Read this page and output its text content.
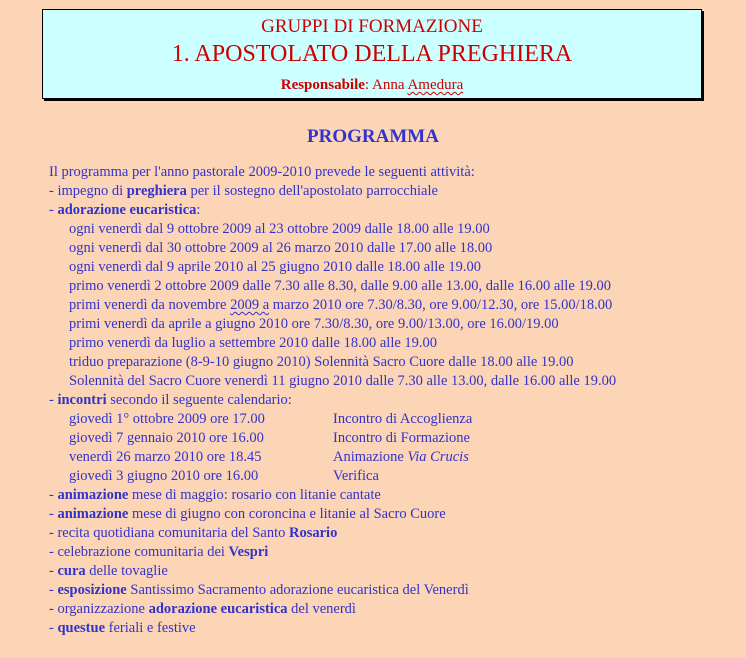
GRUPPI DI FORMAZIONE
1. APOSTOLATO DELLA PREGHIERA
Responsabile: Anna Amedura
PROGRAMMA
Il programma per l'anno pastorale 2009-2010 prevede le seguenti attività:
- impegno di preghiera per il sostegno dell'apostolato parrocchiale
- adorazione eucaristica:
ogni venerdì dal 9 ottobre 2009 al 23 ottobre 2009 dalle 18.00 alle 19.00
ogni venerdì dal 30 ottobre 2009 al 26 marzo 2010 dalle 17.00 alle 18.00
ogni venerdì dal 9 aprile 2010 al 25 giugno 2010 dalle 18.00 alle 19.00
primo venerdì 2 ottobre 2009 dalle 7.30 alle 8.30, dalle 9.00 alle 13.00, dalle 16.00 alle 19.00
primi venerdì da novembre 2009 a marzo 2010 ore 7.30/8.30, ore 9.00/12.30, ore 15.00/18.00
primi venerdì da aprile a giugno 2010 ore 7.30/8.30, ore 9.00/13.00, ore 16.00/19.00
primo venerdì da luglio a settembre 2010 dalle 18.00 alle 19.00
triduo preparazione (8-9-10 giugno 2010) Solennità Sacro Cuore dalle 18.00 alle 19.00
Solennità del Sacro Cuore venerdì 11 giugno 2010 dalle 7.30 alle 13.00, dalle 16.00 alle 19.00
- incontri secondo il seguente calendario:
giovedì 1° ottobre 2009 ore 17.00	Incontro di Accoglienza
giovedì 7 gennaio 2010 ore 16.00	Incontro di Formazione
venerdì 26 marzo 2010 ore 18.45	Animazione Via Crucis
giovedì 3 giugno 2010 ore 16.00	Verifica
- animazione mese di maggio: rosario con litanie cantate
- animazione mese di giugno con coroncina e litanie al Sacro Cuore
- recita quotidiana comunitaria del Santo Rosario
- celebrazione comunitaria dei Vespri
- cura delle tovaglie
- esposizione Santissimo Sacramento adorazione eucaristica del Venerdì
- organizzazione adorazione eucaristica del venerdì
- questue feriali e festive
